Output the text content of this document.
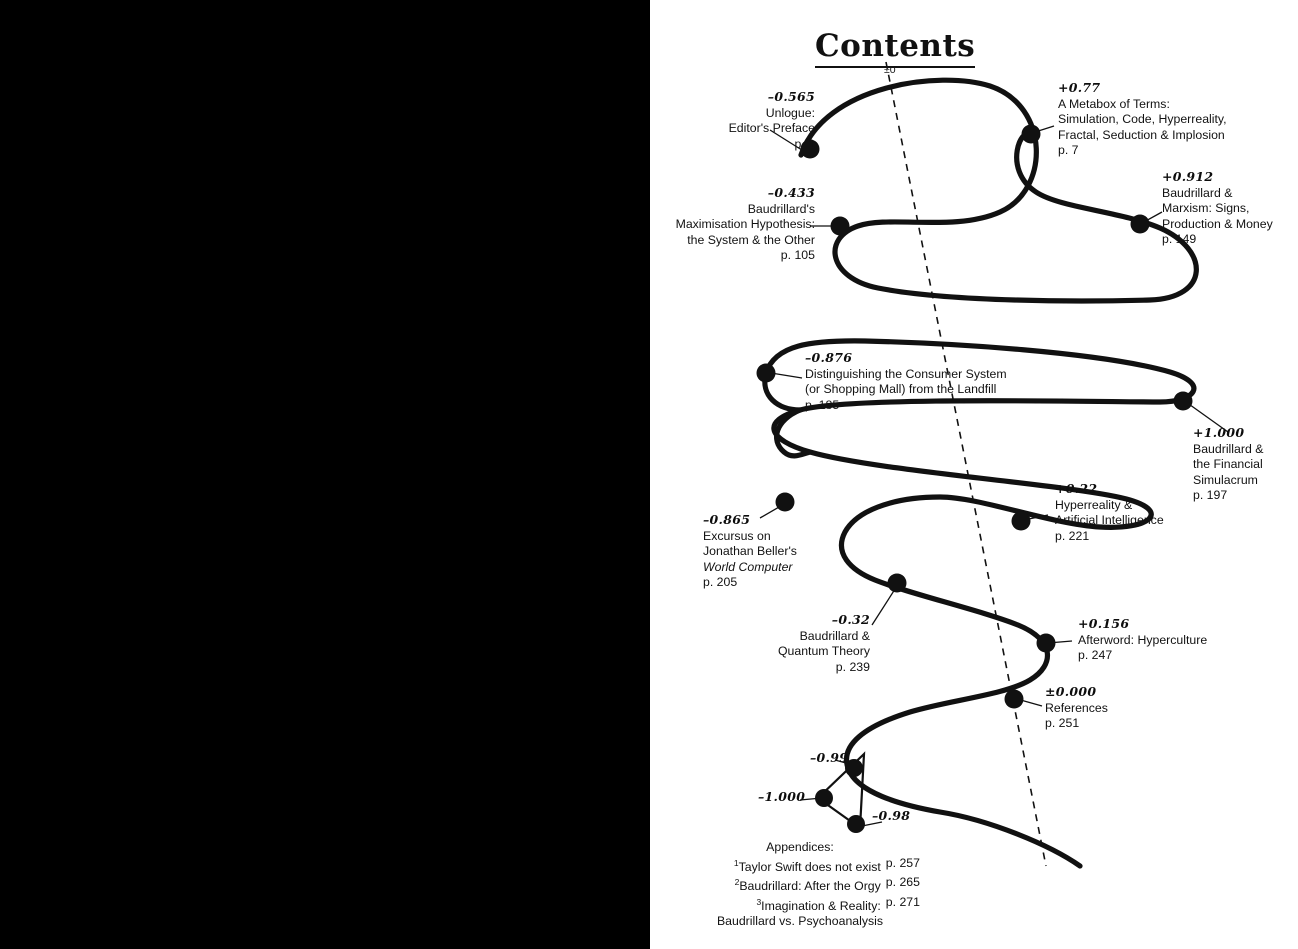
Contents
±0
–0.565
Unlogue:
Editor's Preface
p. 1
+0.77
A Metabox of Terms:
Simulation, Code, Hyperreality,
Fractal, Seduction & Implosion
p. 7
–0.433
Baudrillard's
Maximisation Hypothesis:
the System & the Other
p. 105
+0.912
Baudrillard &
Marxism: Signs,
Production & Money
p. 149
–0.876
Distinguishing the Consumer System
(or Shopping Mall) from the Landfill
p. 185
+1.000
Baudrillard &
the Financial
Simulacrum
p. 197
–0.865
Excursus on
Jonathan Beller's
World Computer
p. 205
+0.22
Hyperreality &
Artificial Intelligence
p. 221
–0.32
Baudrillard &
Quantum Theory
p. 239
+0.156
Afterword: Hyperculture
p. 247
±0.000
References
p. 251
–0.99
–1.000
–0.98
Appendices:
$^1$Taylor Swift does not exist	p. 257
$^2$Baudrillard: After the Orgy	p. 265
$^3$Imagination & Reality:	p. 271
Baudrillard vs. Psychoanalysis
